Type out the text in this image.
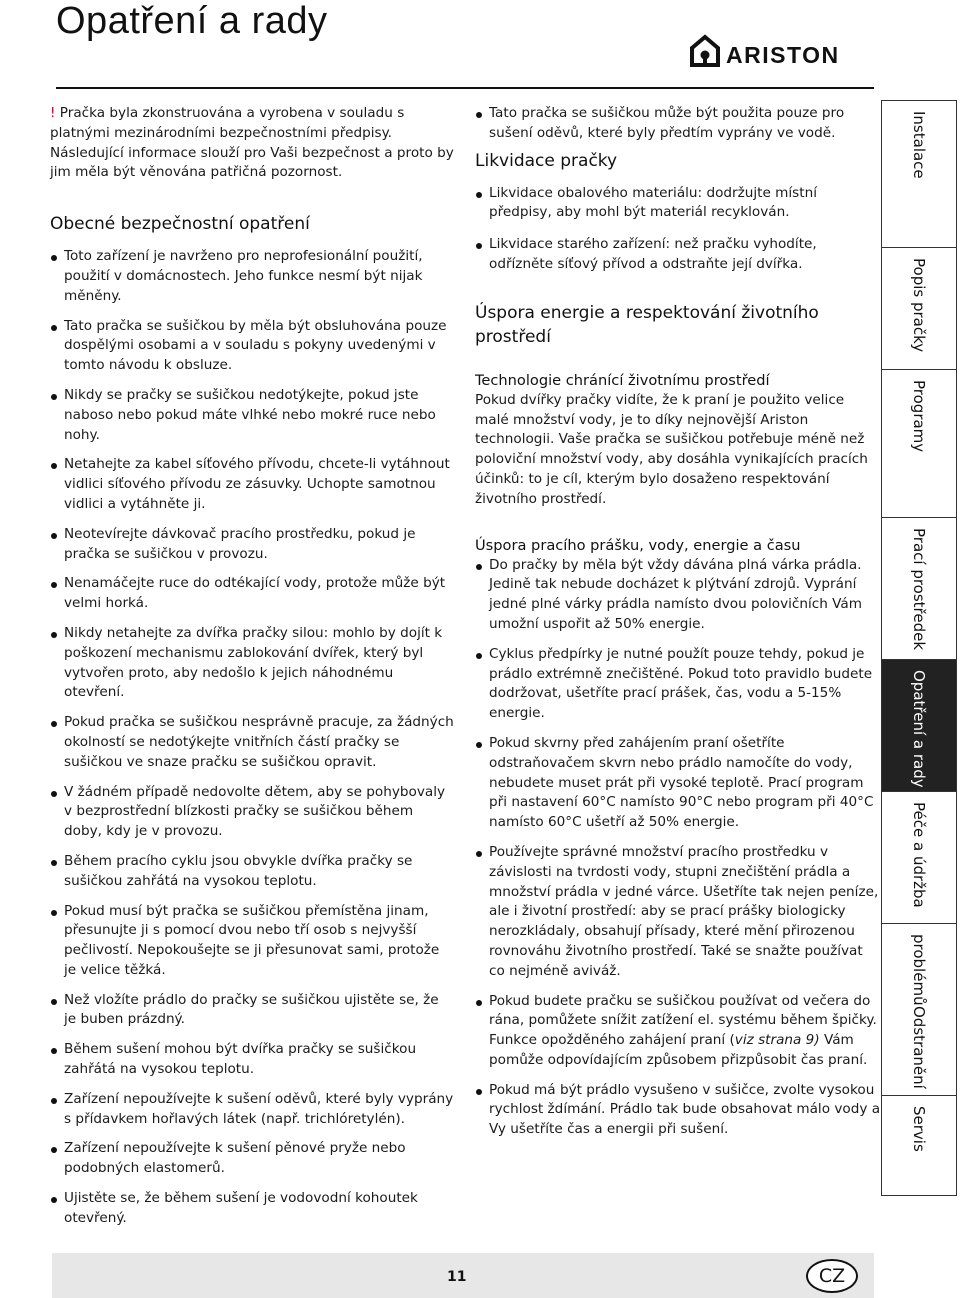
Opatření a rady
ARISTON

! Pračka byla zkonstruována a vyrobena v souladu s platnými mezinárodními bezpečnostními předpisy. Následující informace slouží pro Vaši bezpečnost a proto by jim měla být věnována patřičná pozornost.

Obecné bezpečnostní opatření

Toto zařízení je navrženo pro neprofesionální použití, použití v domácnostech. Jeho funkce nesmí být nijak měněny.

Tato pračka se sušičkou by měla být obsluhována pouze dospělými osobami a v souladu s pokyny uvedenými v tomto návodu k obsluze.

Nikdy se pračky se sušičkou nedotýkejte, pokud jste naboso nebo pokud máte vlhké nebo mokré ruce nebo nohy.

Netahejte za kabel síťového přívodu, chcete-li vytáhnout vidlici síťového přívodu ze zásuvky. Uchopte samotnou vidlici a vytáhněte ji.

Neotevírejte dávkovač pracího prostředku, pokud je pračka se sušičkou v provozu.

Nenamáčejte ruce do odtékající vody, protože může být velmi horká.

Nikdy netahejte za dvířka pračky silou: mohlo by dojít k poškození mechanismu zablokování dvířek, který byl vytvořen proto, aby nedošlo k jejich náhodnému otevření.

Pokud pračka se sušičkou nesprávně pracuje, za žádných okolností se nedotýkejte vnitřních částí pračky se sušičkou ve snaze pračku se sušičkou opravit.

V žádném případě nedovolte dětem, aby se pohybovaly v bezprostřední blízkosti pračky se sušičkou během doby, kdy je v provozu.

Během pracího cyklu jsou obvykle dvířka pračky se sušičkou zahřátá na vysokou teplotu.

Pokud musí být pračka se sušičkou přemístěna jinam, přesunujte ji s pomocí dvou nebo tří osob s nejvyšší pečlivostí. Nepokoušejte se ji přesunovat sami, protože je velice těžká.

Než vložíte prádlo do pračky se sušičkou ujistěte se, že je buben prázdný.

Během sušení mohou být dvířka pračky se sušičkou zahřátá na vysokou teplotu.

Zařízení nepoužívejte k sušení oděvů, které byly vyprány s přídavkem hořlavých látek (např. trichlóretylén).

Zařízení nepoužívejte k sušení pěnové pryže nebo podobných elastomerů.

Ujistěte se, že během sušení je vodovodní kohoutek otevřený.

Tato pračka se sušičkou může být použita pouze pro sušení oděvů, které byly předtím vyprány ve vodě.

Likvidace pračky

Likvidace obalového materiálu: dodržujte místní předpisy, aby mohl být materiál recyklován.

Likvidace starého zařízení: než pračku vyhodíte, odřízněte síťový přívod a odstraňte její dvířka.

Úspora energie a respektování životního prostředí
Technologie chránící životnímu prostředí

Pokud dvířky pračky vidíte, že k praní je použito velice malé množství vody, je to díky nejnovější Ariston technologii. Vaše pračka se sušičkou potřebuje méně než poloviční množství vody, aby dosáhla vynikajících pracích účinků: to je cíl, kterým bylo dosaženo respektování životního prostředí.

Úspora pracího prášku, vody, energie a času

Do pračky by měla být vždy dávána plná várka prádla. Jedině tak nebude docházet k plýtvání zdrojů. Vyprání jedné plné várky prádla namísto dvou polovičních Vám umožní uspořit až 50% energie.

Cyklus předpírky je nutné použít pouze tehdy, pokud je prádlo extrémně znečištěné. Pokud toto pravidlo budete dodržovat, ušetříte prací prášek, čas, vodu a 5-15% energie.

Pokud skvrny před zahájením praní ošetříte odstraňovačem skvrn nebo prádlo namočíte do vody, nebudete muset prát při vysoké teplotě. Prací program při nastavení 60°C namísto 90°C nebo program při 40°C namísto 60°C ušetří až 50% energie.

Používejte správné množství pracího prostředku v závislosti na tvrdosti vody, stupni znečištění prádla a množství prádla v jedné várce. Ušetříte tak nejen peníze, ale i životní prostředí: aby se prací prášky biologicky nerozkládaly, obsahují přísady, které mění přirozenou rovnováhu životního prostředí. Také se snažte používat co nejméně aviváž.

Pokud budete pračku se sušičkou používat od večera do rána, pomůžete snížit zatížení el. systému během špičky. Funkce opožděného zahájení praní (viz strana 9) Vám pomůže odpovídajícím způsobem přizpůsobit čas praní.

Pokud má být prádlo vysušeno v sušičce, zvolte vysokou rychlost ždímání. Prádlo tak bude obsahovat málo vody a Vy ušetříte čas a energii při sušení.

Instalace
Popis pračky
Programy
Prací prostředek
Opatření a rady
Péče a údržba
Odstranění
problémů
Servis
11	CZ
